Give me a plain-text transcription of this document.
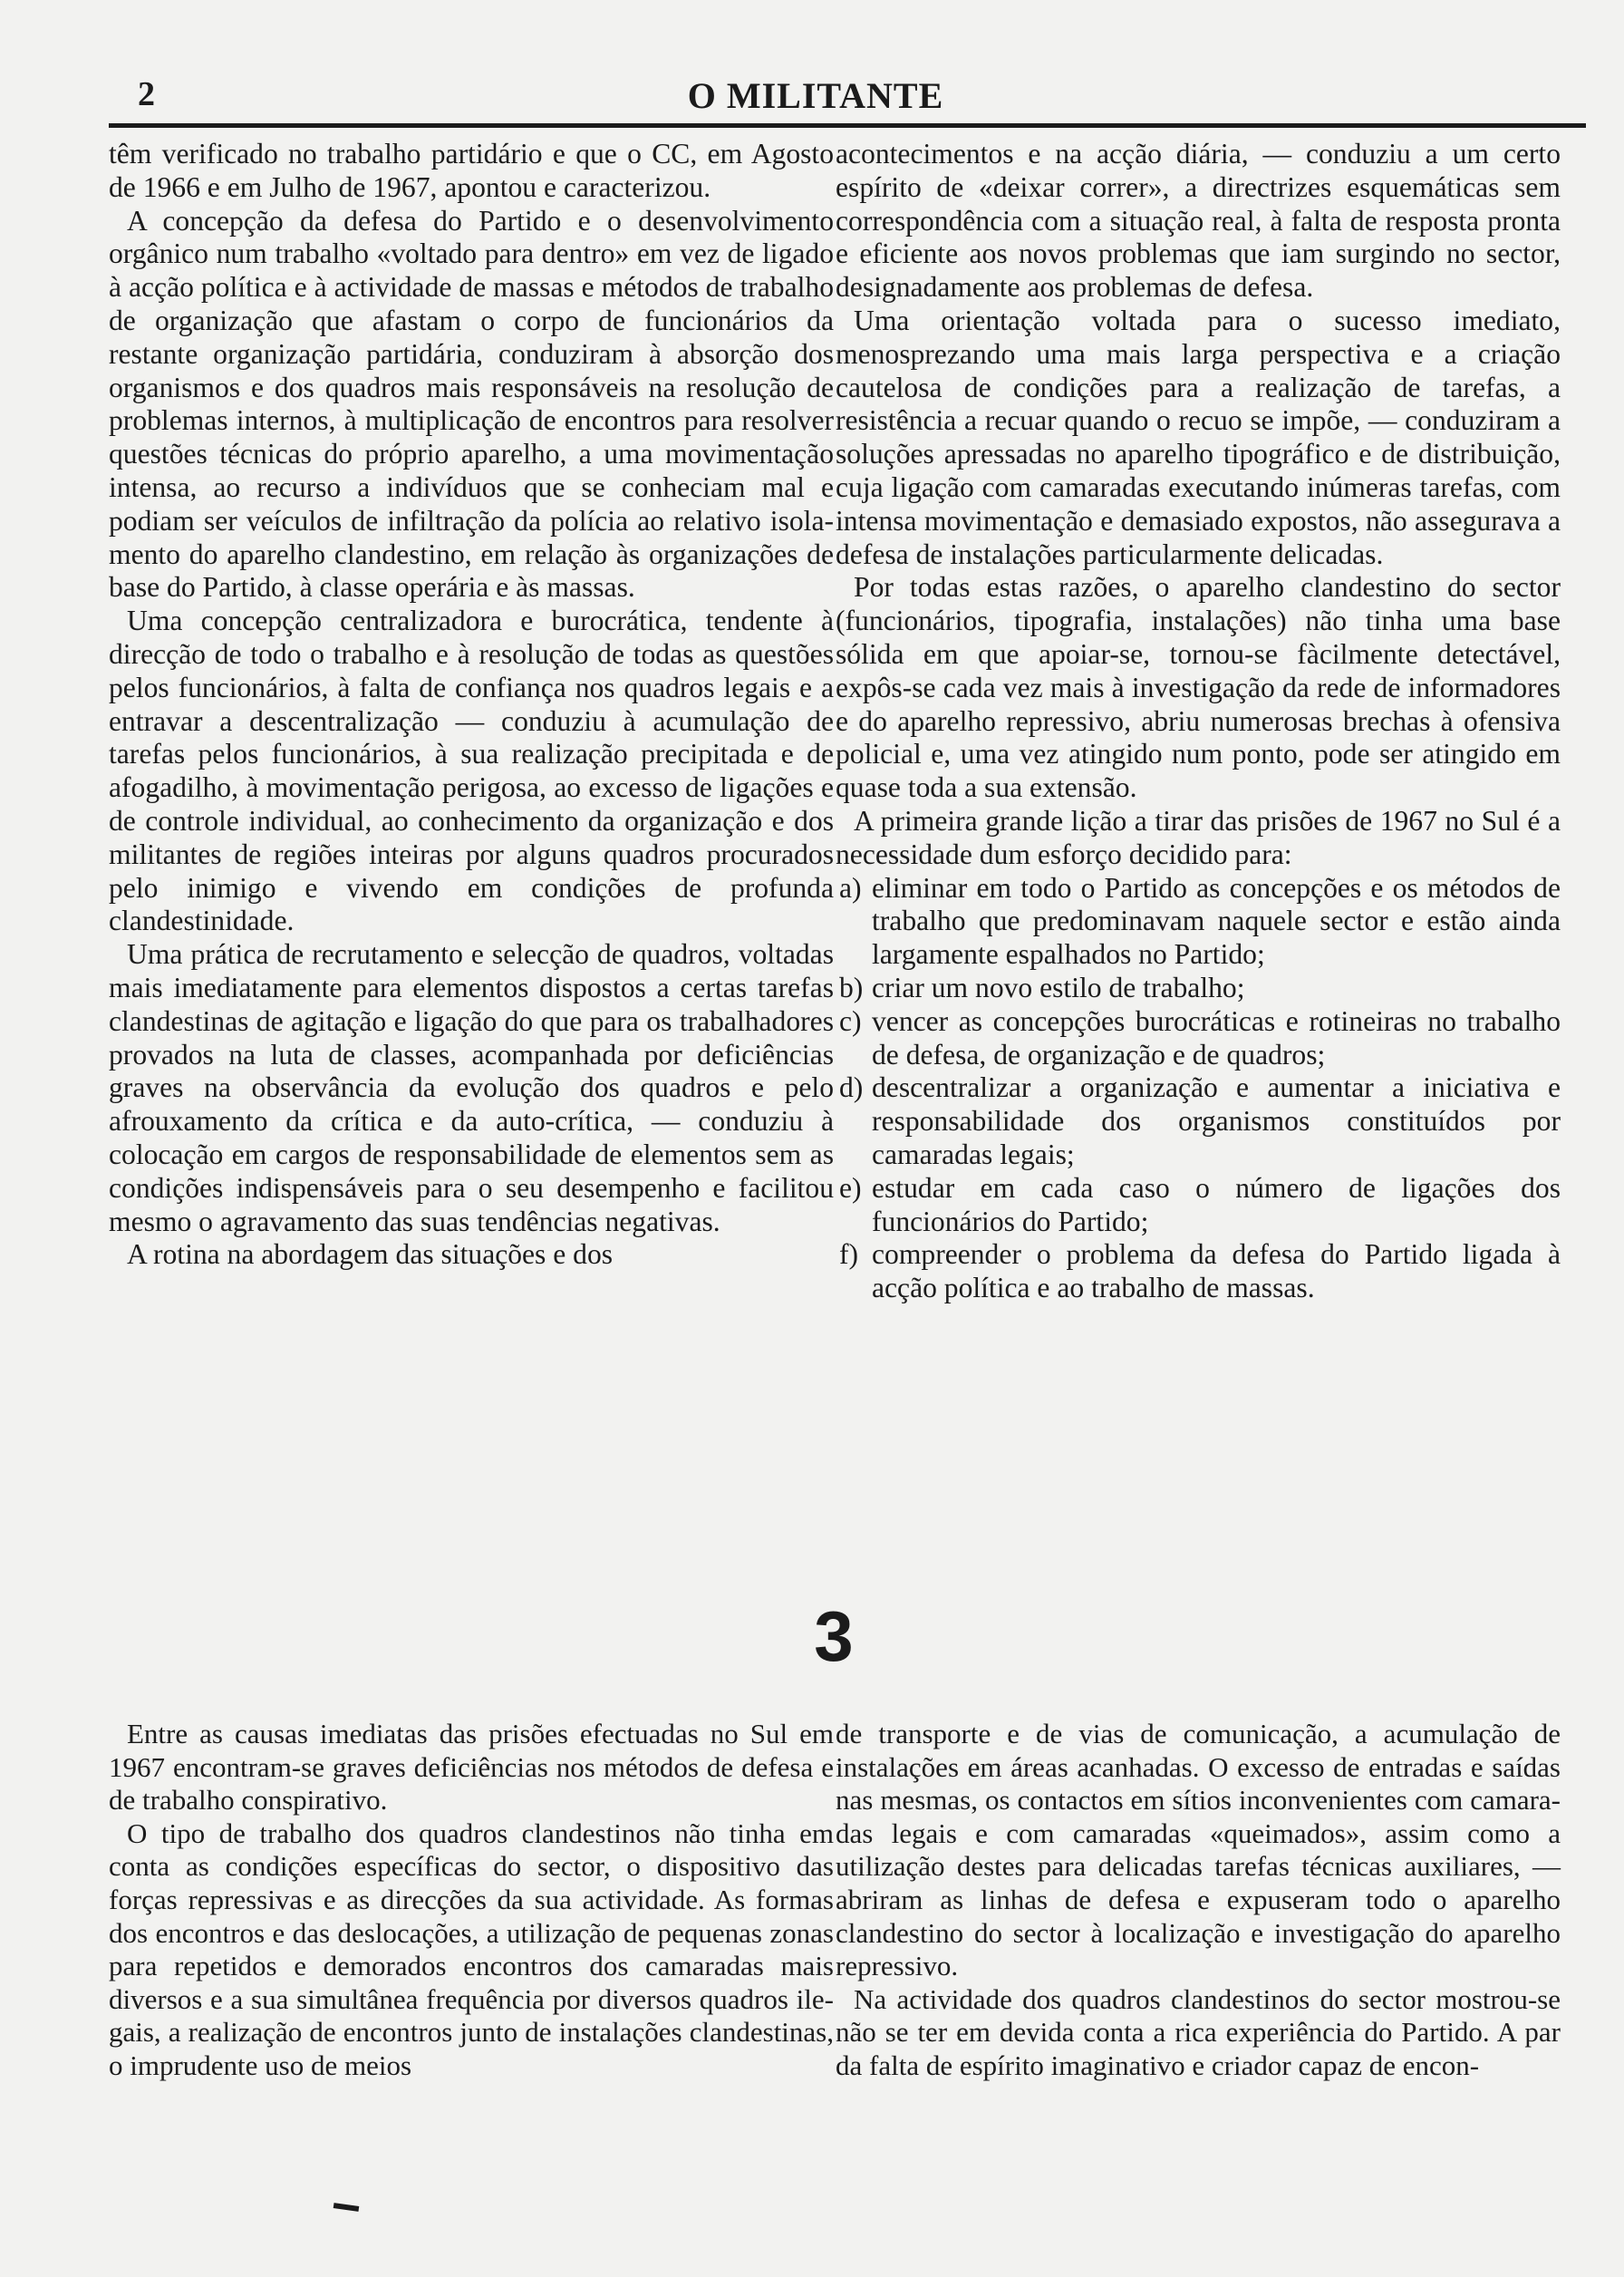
2	O MILITANTE

têm verificado no trabalho partidário e que o CC, em Agosto de 1966 e em Julho de 1967, apontou e caracterizou.

A concepção da defesa do Partido e o desenvolvimento orgânico num trabalho «voltado para dentro» em vez de ligado à acção política e à actividade de massas e métodos de trabalho de organização que afastam o corpo de funcionários da restante organização partidária, conduziram à absorção dos organismos e dos quadros mais responsáveis na resolução de problemas internos, à multiplicação de encontros para resolver questões técnicas do próprio aparelho, a uma movimentação intensa, ao recurso a indivíduos que se conheciam mal e podiam ser veículos de infiltração da polícia ao relativo isolamento do aparelho clandestino, em relação às organizações de base do Partido, à classe operária e às massas.

Uma concepção centralizadora e burocrática, tendente à direcção de todo o trabalho e à resolução de todas as questões pelos funcionários, à falta de confiança nos quadros legais e a entravar a descentralização — conduziu à acumulação de tarefas pelos funcionários, à sua realização precipitada e de afogadilho, à movimentação perigosa, ao excesso de ligações e de controle individual, ao conhecimento da organização e dos militantes de regiões inteiras por alguns quadros procurados pelo inimigo e vivendo em condições de profunda clandestinidade.

Uma prática de recrutamento e selecção de quadros, voltadas mais imediatamente para elementos dispostos a certas tarefas clandestinas de agitação e ligação do que para os trabalhadores provados na luta de classes, acompanhada por deficiências graves na observância da evolução dos quadros e pelo afrouxamento da crítica e da auto-crítica, — conduziu à colocação em cargos de responsabilidade de elementos sem as condições indispensáveis para o seu desempenho e facilitou mesmo o agravamento das suas tendências negativas.

A rotina na abordagem das situações e dos

acontecimentos e na acção diária, — conduziu a um certo espírito de «deixar correr», a directrizes esquemáticas sem correspondência com a situação real, à falta de resposta pronta e eficiente aos novos problemas que iam surgindo no sector, designadamente aos problemas de defesa.

Uma orientação voltada para o sucesso imediato, menosprezando uma mais larga perspectiva e a criação cautelosa de condições para a realização de tarefas, a resistência a recuar quando o recuo se impõe, — conduziram a soluções apressadas no aparelho tipográfico e de distribuição, cuja ligação com camaradas executando inúmeras tarefas, com intensa movimentação e demasiado expostos, não assegurava a defesa de instalações particularmente delicadas.

Por todas estas razões, o aparelho clandestino do sector (funcionários, tipografia, instalações) não tinha uma base sólida em que apoiar-se, tornou-se fàcilmente detectável, expôs-se cada vez mais à investigação da rede de informadores e do aparelho repressivo, abriu numerosas brechas à ofensiva policial e, uma vez atingido num ponto, pode ser atingido em quase toda a sua extensão.

A primeira grande lição a tirar das prisões de 1967 no Sul é a necessidade dum esforço decidido para:

a) eliminar em todo o Partido as concepções e os métodos de trabalho que predominavam naquele sector e estão ainda largamente espalhados no Partido;
b) criar um novo estilo de trabalho;
c) vencer as concepções burocráticas e rotineiras no trabalho de defesa, de organização e de quadros;
d) descentralizar a organização e aumentar a iniciativa e responsabilidade dos organismos constituídos por camaradas legais;
e) estudar em cada caso o número de ligações dos funcionários do Partido;
f) compreender o problema da defesa do Partido ligada à acção política e ao trabalho de massas.
3

Entre as causas imediatas das prisões efectuadas no Sul em 1967 encontram-se graves deficiências nos métodos de defesa e de trabalho conspirativo.

O tipo de trabalho dos quadros clandestinos não tinha em conta as condições específicas do sector, o dispositivo das forças repressivas e as direcções da sua actividade. As formas dos encontros e das deslocações, a utilização de pequenas zonas para repetidos e demorados encontros dos camaradas mais diversos e a sua simultânea frequência por diversos quadros ilegais, a realização de encontros junto de instalações clandestinas, o imprudente uso de meios

de transporte e de vias de comunicação, a acumulação de instalações em áreas acanhadas. O excesso de entradas e saídas nas mesmas, os contactos em sítios inconvenientes com camaradas legais e com camaradas «queimados», assim como a utilização destes para delicadas tarefas técnicas auxiliares, — abriram as linhas de defesa e expuseram todo o aparelho clandestino do sector à localização e investigação do aparelho repressivo.

Na actividade dos quadros clandestinos do sector mostrou-se não se ter em devida conta a rica experiência do Partido. A par da falta de espírito imaginativo e criador capaz de encon-
